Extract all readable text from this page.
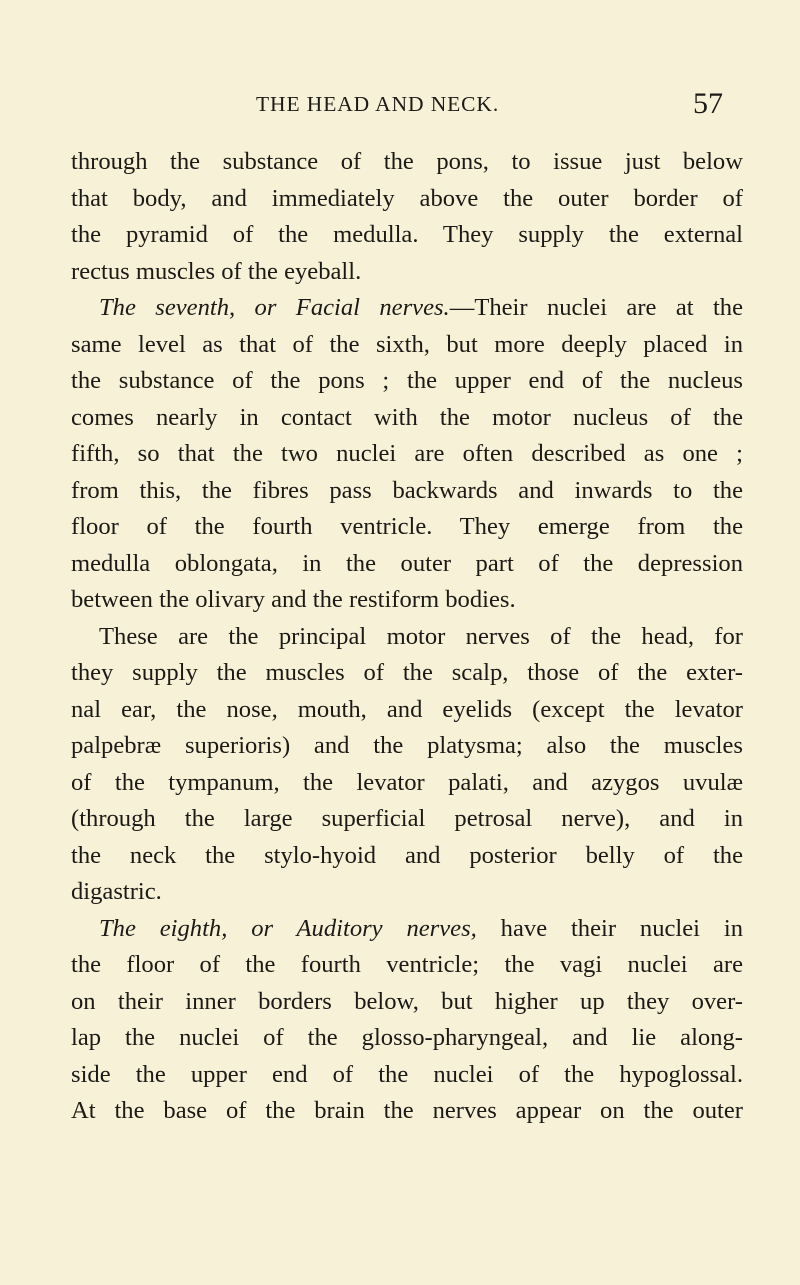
THE HEAD AND NECK.	57
through the substance of the pons, to issue just below
that body, and immediately above the outer border of
the pyramid of the medulla. They supply the external
rectus muscles of the eyeball.
The seventh, or Facial nerves.—Their nuclei are at the
same level as that of the sixth, but more deeply placed in
the substance of the pons ; the upper end of the nucleus
comes nearly in contact with the motor nucleus of the
fifth, so that the two nuclei are often described as one ;
from this, the fibres pass backwards and inwards to the
floor of the fourth ventricle. They emerge from the
medulla oblongata, in the outer part of the depression
between the olivary and the restiform bodies.
These are the principal motor nerves of the head, for
they supply the muscles of the scalp, those of the exter-
nal ear, the nose, mouth, and eyelids (except the levator
palpebræ superioris) and the platysma; also the muscles
of the tympanum, the levator palati, and azygos uvulæ
(through the large superficial petrosal nerve), and in
the neck the stylo-hyoid and posterior belly of the
digastric.
The eighth, or Auditory nerves, have their nuclei in
the floor of the fourth ventricle; the vagi nuclei are
on their inner borders below, but higher up they over-
lap the nuclei of the glosso-pharyngeal, and lie along-
side the upper end of the nuclei of the hypoglossal.
At the base of the brain the nerves appear on the outer
